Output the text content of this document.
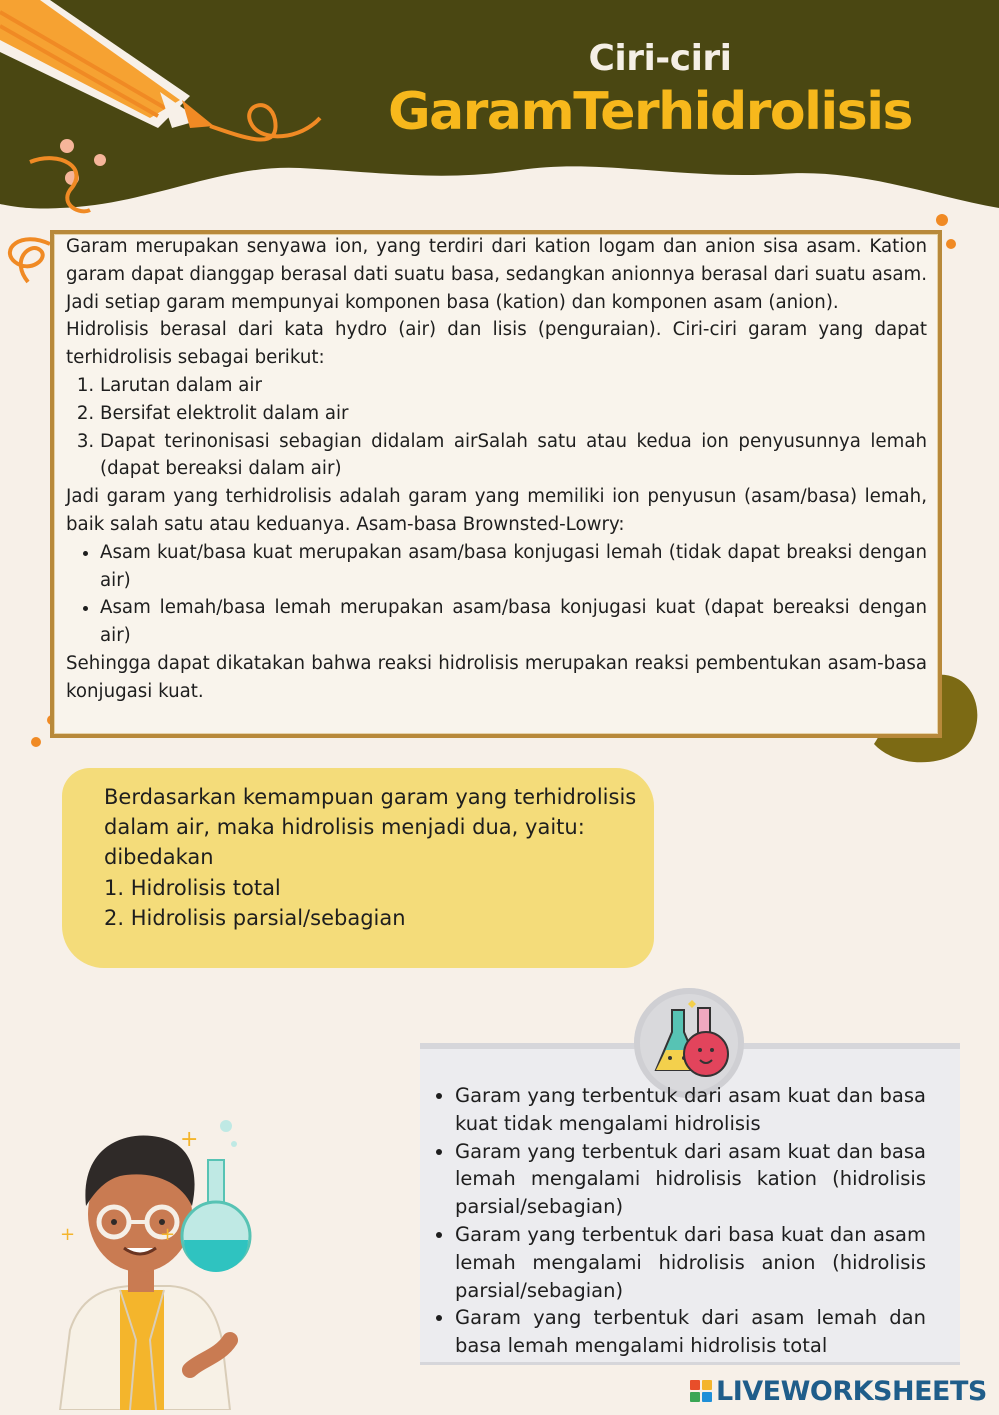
Ciri-ciri
GaramTerhidrolisis

Garam merupakan senyawa ion, yang terdiri dari kation logam dan anion sisa asam. Kation garam dapat dianggap berasal dati suatu basa, sedangkan anionnya berasal dari suatu asam. Jadi setiap garam mempunyai komponen basa (kation) dan komponen asam (anion).

Hidrolisis berasal dari kata hydro (air) dan lisis (penguraian). Ciri-ciri garam yang dapat terhidrolisis sebagai berikut:

1. Larutan dalam air
2. Bersifat elektrolit dalam air
3. Dapat terinonisasi sebagian didalam airSalah satu atau kedua ion penyusunnya lemah (dapat bereaksi dalam air)

Jadi garam yang terhidrolisis adalah garam yang memiliki ion penyusun (asam/basa) lemah, baik salah satu atau keduanya. Asam-basa Brownsted-Lowry:

• Asam kuat/basa kuat merupakan asam/basa konjugasi lemah (tidak dapat breaksi dengan air)
• Asam lemah/basa lemah merupakan asam/basa konjugasi kuat (dapat bereaksi dengan air)

Sehingga dapat dikatakan bahwa reaksi hidrolisis merupakan reaksi pembentukan asam-basa konjugasi kuat.

Berdasarkan kemampuan garam yang terhidrolisis

dalam air, maka hidrolisis menjadi dua, yaitu:

dibedakan

1. Hidrolisis total

2. Hidrolisis parsial/sebagian

• Garam yang terbentuk dari asam kuat dan basa kuat tidak mengalami hidrolisis
• Garam yang terbentuk dari asam kuat dan basa lemah mengalami hidrolisis kation (hidrolisis parsial/sebagian)
• Garam yang terbentuk dari basa kuat dan asam lemah mengalami hidrolisis anion (hidrolisis parsial/sebagian)
• Garam yang terbentuk dari asam lemah dan basa lemah mengalami hidrolisis total
+
+	+
LIVEWORKSHEETS
